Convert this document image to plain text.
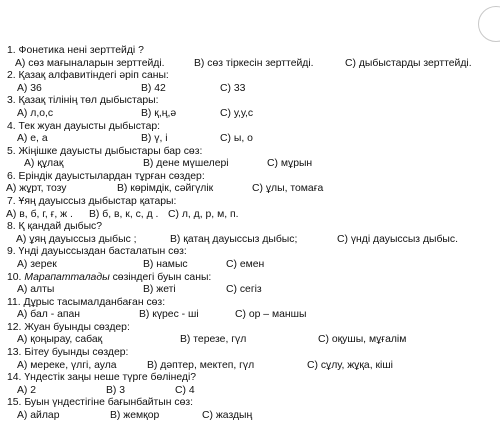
1. Фонетика нені зерттейді ?
А) сөз мағыналарын зерттейді.	В) сөз тіркесін зерттейді.	С) дыбыстарды зерттейді.
2. Қазақ алфавитіндегі әріп саны:
А) 36	В) 42	С) 33
3. Қазақ тілінің төл дыбыстары:
А) л,о,с	В) қ,ң,ә	С) у,у,с
4. Тек жуан дауысты дыбыстар:
А) е, а	В) ү, і	С) ы, о
5. Жіңішке дауысты дыбыстары бар сөз:
А) құлақ	В) дене мүшелері	С) мұрын
6. Еріндік дауыстылардан тұрған сөздер:
А) жұрт, тозу	В) көрімдік, сәйгүлік	С) ұлы, томаға
7. Ұяң дауыссыз дыбыстар қатары:
А) в, б, г, ғ, ж . В) б, в, к, с, д . С) л, д, р, м, п.
8. Қ қандай дыбыс?
А) ұяң дауыссыз дыбыс ;	В) қатаң дауыссыз дыбыс;	С) үнді дауыссыз дыбыс.
9. Үнді дауыссыздан басталатын сөз:
А) зерек	В) намыс	С) емен
10. Марапатталады сөзіндегі буын саны:
А) алты	В) жеті	С) сегіз
11. Дұрыс тасымалданбаған сөз:
А) бал - апан	В) күрес - ші	С) ор – маншы
12. Жуан буынды сөздер:
А) қоңырау, сабақ	В) терезе, гүл	С) оқушы, мұғалім
13. Бітеу буынды сөздер:
А) мереке, үлгі, аула	В) дәптер, мектеп, гүл	С) сұлу, жұқа, кіші
14. Үндестік заңы неше түрге бөлінеді?
А) 2	В) 3	С) 4
15. Буын үндестігіне бағынбайтын сөз:
А) айлар	В) жемқор	С) жаздың
